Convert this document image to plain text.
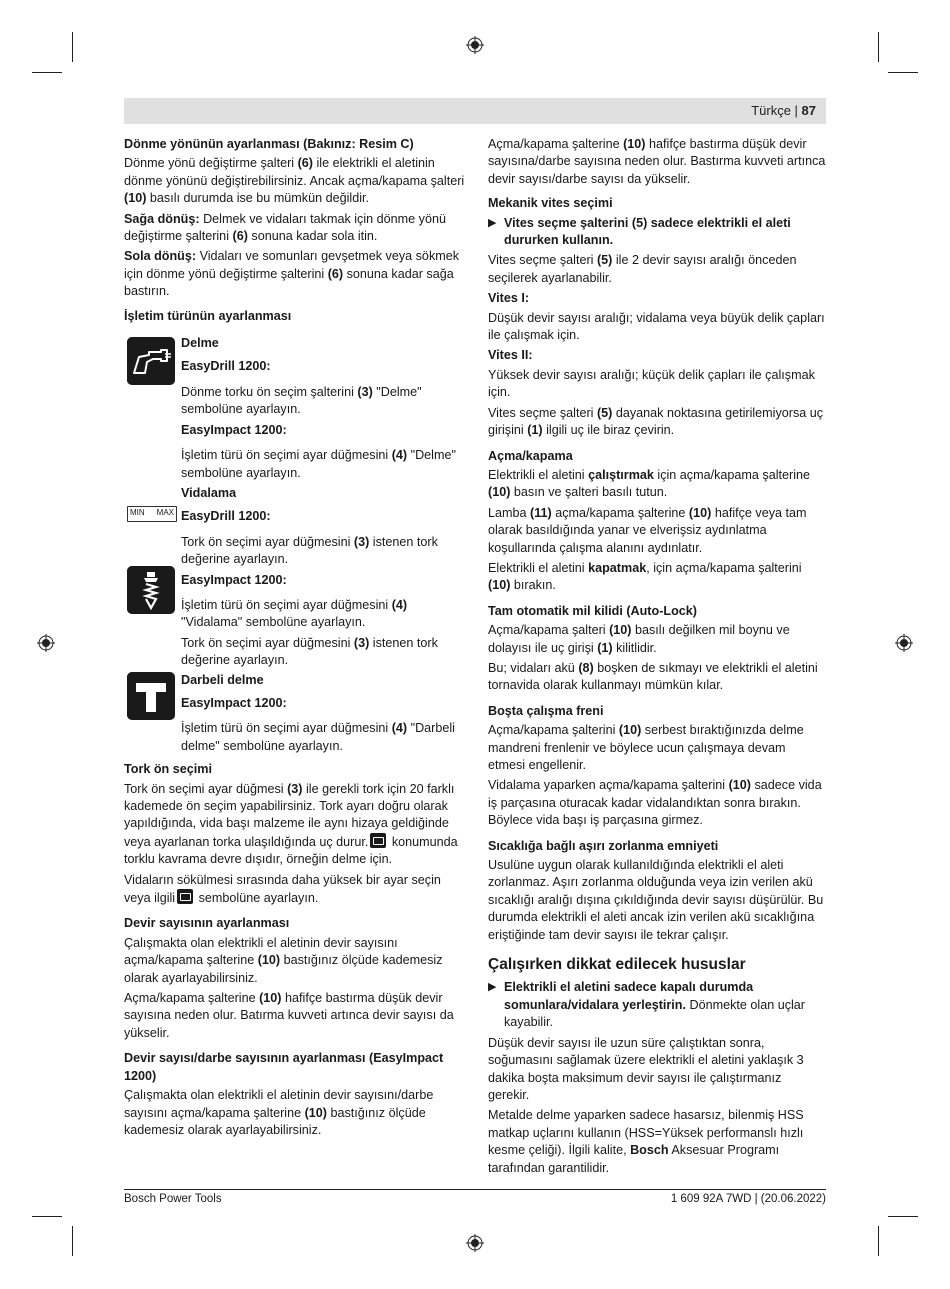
Türkçe | 87
Dönme yönünün ayarlanması (Bakınız: Resim C)

Dönme yönü değiştirme şalteri (6) ile elektrikli el aletinin dönme yönünü değiştirebilirsiniz. Ancak açma/kapama şalteri (10) basılı durumda ise bu mümkün değildir.

Sağa dönüş: Delmek ve vidaları takmak için dönme yönü değiştirme şalterini (6) sonuna kadar sola itin.

Sola dönüş: Vidaları ve somunları gevşetmek veya sökmek için dönme yönü değiştirme şalterini (6) sonuna kadar sağa bastırın.

İşletim türünün ayarlanması
Delme
EasyDrill 1200:

Dönme torku ön seçim şalterini (3) "Delme" sembolüne ayarlayın.

EasyImpact 1200:

İşletim türü ön seçimi ayar düğmesini (4) "Delme" sembolüne ayarlayın.

MIN MAX
Vidalama
EasyDrill 1200:

Tork ön seçimi ayar düğmesini (3) istenen tork değerine ayarlayın.

EasyImpact 1200:

İşletim türü ön seçimi ayar düğmesini (4) "Vidalama" sembolüne ayarlayın.

Tork ön seçimi ayar düğmesini (3) istenen tork değerine ayarlayın.

Darbeli delme
EasyImpact 1200:

İşletim türü ön seçimi ayar düğmesini (4) "Darbeli delme" sembolüne ayarlayın.

Tork ön seçimi

Tork ön seçimi ayar düğmesi (3) ile gerekli tork için 20 farklı kademede ön seçim yapabilirsiniz. Tork ayarı doğru olarak yapıldığında, vida başı malzeme ile aynı hizaya geldiğinde veya ayarlanan torka ulaşıldığında uç durur. konumunda torklu kavrama devre dışıdır, örneğin delme için.

Vidaların sökülmesi sırasında daha yüksek bir ayar seçin veya ilgili sembolüne ayarlayın.

Devir sayısının ayarlanması

Çalışmakta olan elektrikli el aletinin devir sayısını açma/kapama şalterine (10) bastığınız ölçüde kademesiz olarak ayarlayabilirsiniz.

Açma/kapama şalterine (10) hafifçe bastırma düşük devir sayısına neden olur. Batırma kuvveti artınca devir sayısı da yükselir.

Devir sayısı/darbe sayısının ayarlanması (EasyImpact 1200)

Çalışmakta olan elektrikli el aletinin devir sayısını/darbe sayısını açma/kapama şalterine (10) bastığınız ölçüde kademesiz olarak ayarlayabilirsiniz.

Açma/kapama şalterine (10) hafifçe bastırma düşük devir sayısına/darbe sayısına neden olur. Bastırma kuvveti artınca devir sayısı/darbe sayısı da yükselir.

Mekanik vites seçimi
▶ Vites seçme şalterini (5) sadece elektrikli el aleti dururken kullanın.

Vites seçme şalteri (5) ile 2 devir sayısı aralığı önceden seçilerek ayarlanabilir.

Vites I:

Düşük devir sayısı aralığı; vidalama veya büyük delik çapları ile çalışmak için.

Vites II:

Yüksek devir sayısı aralığı; küçük delik çapları ile çalışmak için.

Vites seçme şalteri (5) dayanak noktasına getirilemiyorsa uç girişini (1) ilgili uç ile biraz çevirin.

Açma/kapama

Elektrikli el aletini çalıştırmak için açma/kapama şalterine (10) basın ve şalteri basılı tutun.

Lamba (11) açma/kapama şalterine (10) hafifçe veya tam olarak basıldığında yanar ve elverişsiz aydınlatma koşullarında çalışma alanını aydınlatır.

Elektrikli el aletini kapatmak, için açma/kapama şalterini (10) bırakın.

Tam otomatik mil kilidi (Auto-Lock)

Açma/kapama şalteri (10) basılı değilken mil boynu ve dolayısı ile uç girişi (1) kilitlidir.

Bu; vidaları akü (8) boşken de sıkmayı ve elektrikli el aletini tornavida olarak kullanmayı mümkün kılar.

Boşta çalışma freni

Açma/kapama şalterini (10) serbest bıraktığınızda delme mandreni frenlenir ve böylece ucun çalışmaya devam etmesi engellenir.

Vidalama yaparken açma/kapama şalterini (10) sadece vida iş parçasına oturacak kadar vidalandıktan sonra bırakın. Böylece vida başı iş parçasına girmez.

Sıcaklığa bağlı aşırı zorlanma emniyeti

Usulüne uygun olarak kullanıldığında elektrikli el aleti zorlanmaz. Aşırı zorlanma olduğunda veya izin verilen akü sıcaklığı aralığı dışına çıkıldığında devir sayısı düşürülür. Bu durumda elektrikli el aleti ancak izin verilen akü sıcaklığına eriştiğinde tam devir sayısı ile tekrar çalışır.

Çalışırken dikkat edilecek hususlar
▶ Elektrikli el aletini sadece kapalı durumda somunlara/vidalara yerleştirin. Dönmekte olan uçlar kayabilir.

Düşük devir sayısı ile uzun süre çalıştıktan sonra, soğumasını sağlamak üzere elektrikli el aletini yaklaşık 3 dakika boşta maksimum devir sayısı ile çalıştırmanız gerekir.

Metalde delme yaparken sadece hasarsız, bilenmiş HSS matkap uçlarını kullanın (HSS=Yüksek performanslı hızlı kesme çeliği). İlgili kalite, Bosch Aksesuar Programı tarafından garantilidir.

Bosch Power Tools	1 609 92A 7WD | (20.06.2022)
